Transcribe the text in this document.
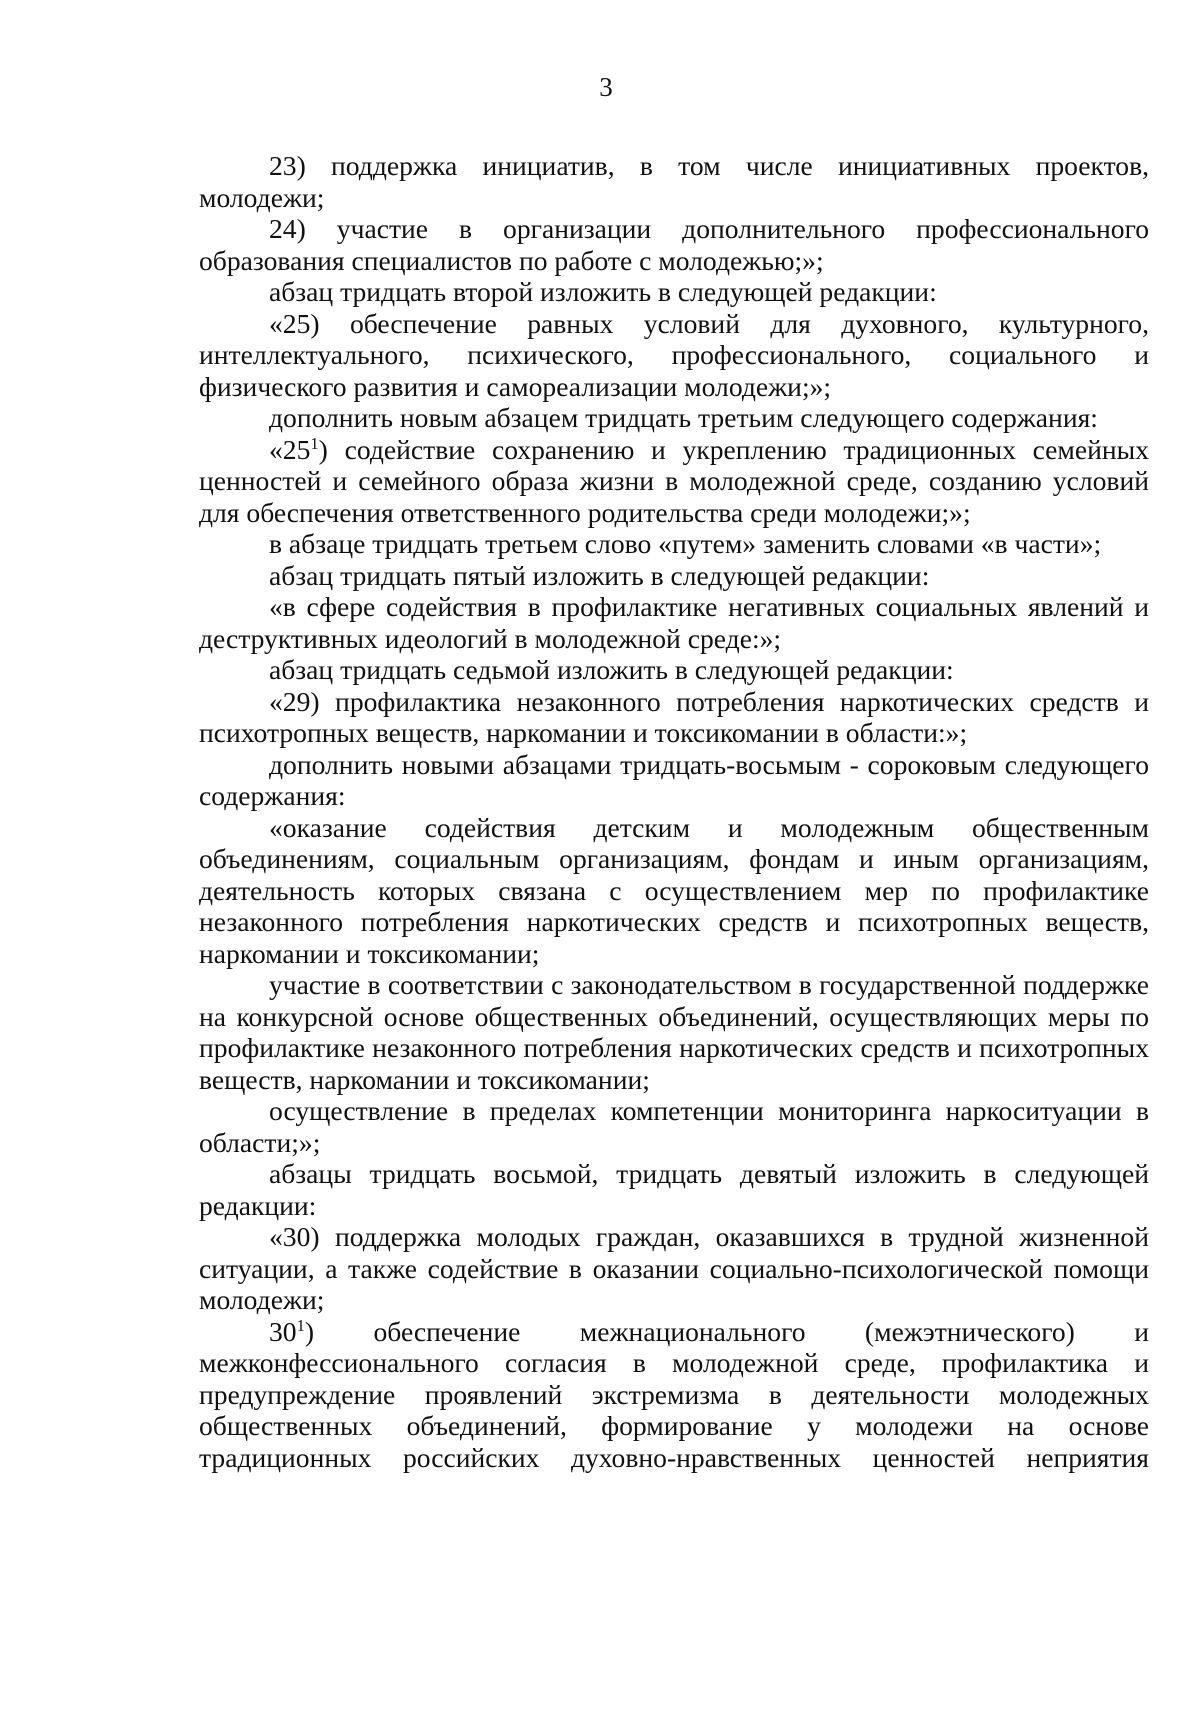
3

23) поддержка инициатив, в том числе инициативных проектов, молодежи;

24) участие в организации дополнительного профессионального образования специалистов по работе с молодежью;»;

абзац тридцать второй изложить в следующей редакции:

«25) обеспечение равных условий для духовного, культурного, интеллектуального, психического, профессионального, социального и физического развития и самореализации молодежи;»;

дополнить новым абзацем тридцать третьим следующего содержания:

«$25^1$) содействие сохранению и укреплению традиционных семейных ценностей и семейного образа жизни в молодежной среде, созданию условий для обеспечения ответственного родительства среди молодежи;»;

в абзаце тридцать третьем слово «путем» заменить словами «в части»;

абзац тридцать пятый изложить в следующей редакции:

«в сфере содействия в профилактике негативных социальных явлений и деструктивных идеологий в молодежной среде:»;

абзац тридцать седьмой изложить в следующей редакции:

«29) профилактика незаконного потребления наркотических средств и психотропных веществ, наркомании и токсикомании в области:»;

дополнить новыми абзацами тридцать-восьмым - сороковым следующего содержания:

«оказание содействия детским и молодежным общественным объединениям, социальным организациям, фондам и иным организациям, деятельность которых связана с осуществлением мер по профилактике незаконного потребления наркотических средств и психотропных веществ, наркомании и токсикомании;

участие в соответствии с законодательством в государственной поддержке на конкурсной основе общественных объединений, осуществляющих меры по профилактике незаконного потребления наркотических средств и психотропных веществ, наркомании и токсикомании;

осуществление в пределах компетенции мониторинга наркоситуации в области;»;

абзацы тридцать восьмой, тридцать девятый изложить в следующей редакции:

«30) поддержка молодых граждан, оказавшихся в трудной жизненной ситуации, а также содействие в оказании социально-психологической помощи молодежи;

$30^1$) обеспечение межнационального (межэтнического) и межконфессионального согласия в молодежной среде, профилактика и предупреждение проявлений экстремизма в деятельности молодежных общественных объединений, формирование у молодежи на основе традиционных российских духовно-нравственных ценностей неприятия
